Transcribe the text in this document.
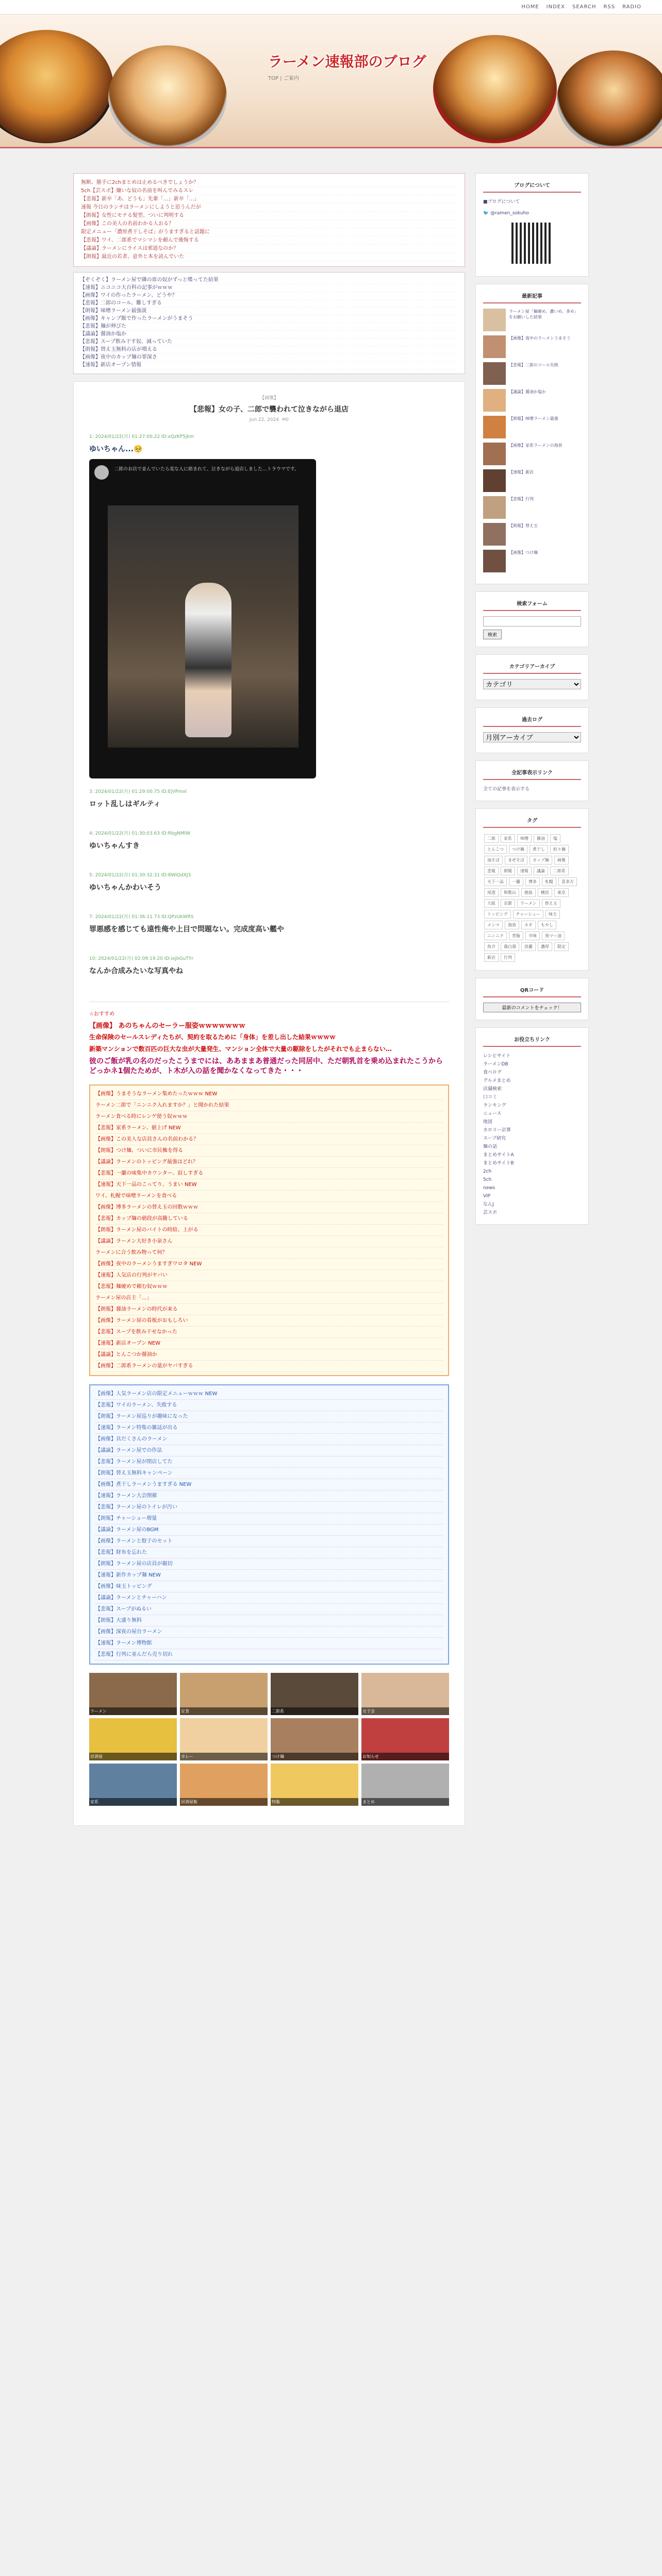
HOME INDEX SEARCH RSS RADIO
ラーメン速報部のブログ
TOP | ご案内
無断、勝手に2chまとめは止めるべきでしょうか？
5ch【芸スポ】嫌いな奴の名前を叫んでみるスレ
【悲報】新卒「あ、どうも」先輩「…」新卒「…」
速報 今日のランチはラーメンにしようと思うんだが
【朗報】女性にモテる髪型、ついに判明する
【画像】この美人の名前わかる人おる？
限定メニュー「濃厚煮干しそば」がうますぎると話題に
【悲報】ワイ、二郎系でマシマシを頼んで後悔する
【議論】ラーメンにライスは邪道なのか？
【朗報】最近の若者、意外と本を読んでいた
【ぞくぞく】ラーメン屋で隣の席の奴がずっと喋ってた結果
【速報】ニコニコ大百科の記事がｗｗｗ
【画像】ワイの作ったラーメン、どうや？
【悲報】二郎のコール、難しすぎる
【朗報】味噌ラーメン最強説
【画像】キャンプ飯で作ったラーメンがうまそう
【悲報】麺が伸びた
【議論】醤油か塩か
【悲報】スープ飲み干す奴、減っていた
【朗報】替え玉無料の店が増える
【画像】夜中のカップ麺の罪深さ
【速報】新店オープン情報
【画像】
【悲報】女の子、二郎で襲われて泣きながら退店
Jun 22, 2024 ✉0
1: 2024/01/22(月) 01:27:00.22 ID:xQzKP5jkm
ゆいちゃん...🥺
二郎のお店で並んでいたら変な人に絡まれて、泣きながら退店しました…トラウマです。
3: 2024/01/22(月) 01:29:00.75 ID:EjVPmxl
ロット乱しはギルティ
4: 2024/01/22(月) 01:30:03.63 ID:RbgNMlW
ゆいちゃんすき
5: 2024/01/22(月) 01:30:32.31 ID:8WIQdXJ3
ゆいちゃんかわいそう
7: 2024/01/22(月) 01:36:11.73 ID:QPzUkWRS
罪悪感を感じても遠性俺や上目で問題ない。完成度高い艦や
10: 2024/01/22(月) 02:09:19.20 ID:iejbGuTYr
なんか合成みたいな写真やね
☆おすすめ
【画像】 あのちゃんのセーラー服姿ｗｗｗｗｗｗｗ
生命保険のセールスレディたちが、契約を取るために「身体」を差し出した結果ｗｗｗｗ
新築マンションで数百匹の巨大な虫が大量発生、マンション全体で大量の駆除をしたがそれでも止まらない…
彼のご飯が乳の名のだったこうまでには、ああままあ普通だった同居中、ただ朝乳首を乗め込まれたこうからどっかネ1個たためが、ト木が入の話を聞かなくなってきた・・・
【画像】うまそうなラーメン集めたったｗｗｗ NEW
ラーメン二郎で「ニンニク入れますか？」と聞かれた結果
ラーメン食べる時にレンゲ使う奴ｗｗｗ
【悲報】家系ラーメン、値上げ NEW
【画像】この美人な店員さんの名前わかる？
【朗報】つけ麺、ついに市民権を得る
【議論】ラーメンのトッピング最強はどれ？
【悲報】一蘭の味集中カウンター、寂しすぎる
【速報】天下一品のこってり、うまい NEW
ワイ、札幌で味噌ラーメンを食べる
【画像】博多ラーメンの替え玉の回数ｗｗｗ
【悲報】カップ麺の値段が高騰している
【朗報】ラーメン屋のバイトの時給、上がる
【議論】ラーメン大好き小泉さん
ラーメンに合う飲み物って何？
【画像】夜中のラーメンうますぎワロタ NEW
【速報】人気店の行列がヤバい
【悲報】麺硬めで頼む奴ｗｗｗ
ラーメン屋の店主「…」
【朗報】醤油ラーメンの時代が来る
【画像】ラーメン屋の看板がおもしろい
【悲報】スープを飲み干せなかった
【速報】新店オープン NEW
【議論】とんこつか醤油か
【画像】二郎系ラーメンの量がヤバすぎる
【画像】人気ラーメン店の限定メニューｗｗｗ NEW
【悲報】ワイのラーメン、失敗する
【朗報】ラーメン屋巡りが趣味になった
【速報】ラーメン特集の雑誌が出る
【画像】具だくさんのラーメン
【議論】ラーメン屋での作法
【悲報】ラーメン屋が閉店してた
【朗報】替え玉無料キャンペーン
【画像】煮干しラーメンうますぎる NEW
【速報】ラーメン大会開催
【悲報】ラーメン屋のトイレが汚い
【朗報】チャーシュー増量
【議論】ラーメン屋のBGM
【画像】ラーメンと餃子のセット
【悲報】財布を忘れた
【朗報】ラーメン屋の店員が親切
【速報】新作カップ麺 NEW
【画像】味玉トッピング
【議論】ラーメンとチャーハン
【悲報】スープがぬるい
【朗報】大盛り無料
【画像】深夜の屋台ラーメン
【速報】ラーメン博物館
【悲報】行列に並んだら売り切れ
ラーメン	定食	二郎系	女子会
居酒屋	カレー	つけ麺	お知らせ
家系	居酒屋飯	特集	まとめ
ブログについて
■ブログについて
🐦 @ramen_sokuho
最新記事
ラーメン屋「麺硬め、濃いめ、多め」をお願いした結果
【画像】夜中のラーメンうまそう
【悲報】二郎のコール失敗
【議論】醤油か塩か
【朗報】味噌ラーメン最強
【画像】家系ラーメンの海苔
【速報】新店
【悲報】行列
【朗報】替え玉
【画像】つけ麺
検索フォーム
検索
カテゴリアーカイブ
カテゴリ
過去ログ
月別アーカイブ
全記事表示リンク
全ての記事を表示する
タグ
二郎 家系 味噌 醤油 塩とんこつ つけ麺 煮干し 担々麺油そば まぜそば カップ麺 画像悲報 朗報 速報 議論 二郎系天下一品 一蘭 博多 札幌 喜多方尾道 和歌山 徳島 横浜 東京大阪 京都 ラーメン 替え玉トッピング チャーシュー 味玉メンマ 海苔 ネギ もやしニンニク 背脂 辛味 黒マー油魚介 鶏白湯 淡麗 濃厚 限定新店 行列
QRコード
最新のコメントをチェック！
お役立ちリンク
レシピサイト
ラーメンDB
食べログ
グルメまとめ
店舗検索
口コミ
ランキング
ニュース
地図
カロリー計算
スープ研究
麺の話
まとめサイトA
まとめサイトB
2ch
5ch
news
VIP
なんJ
芸スポ
